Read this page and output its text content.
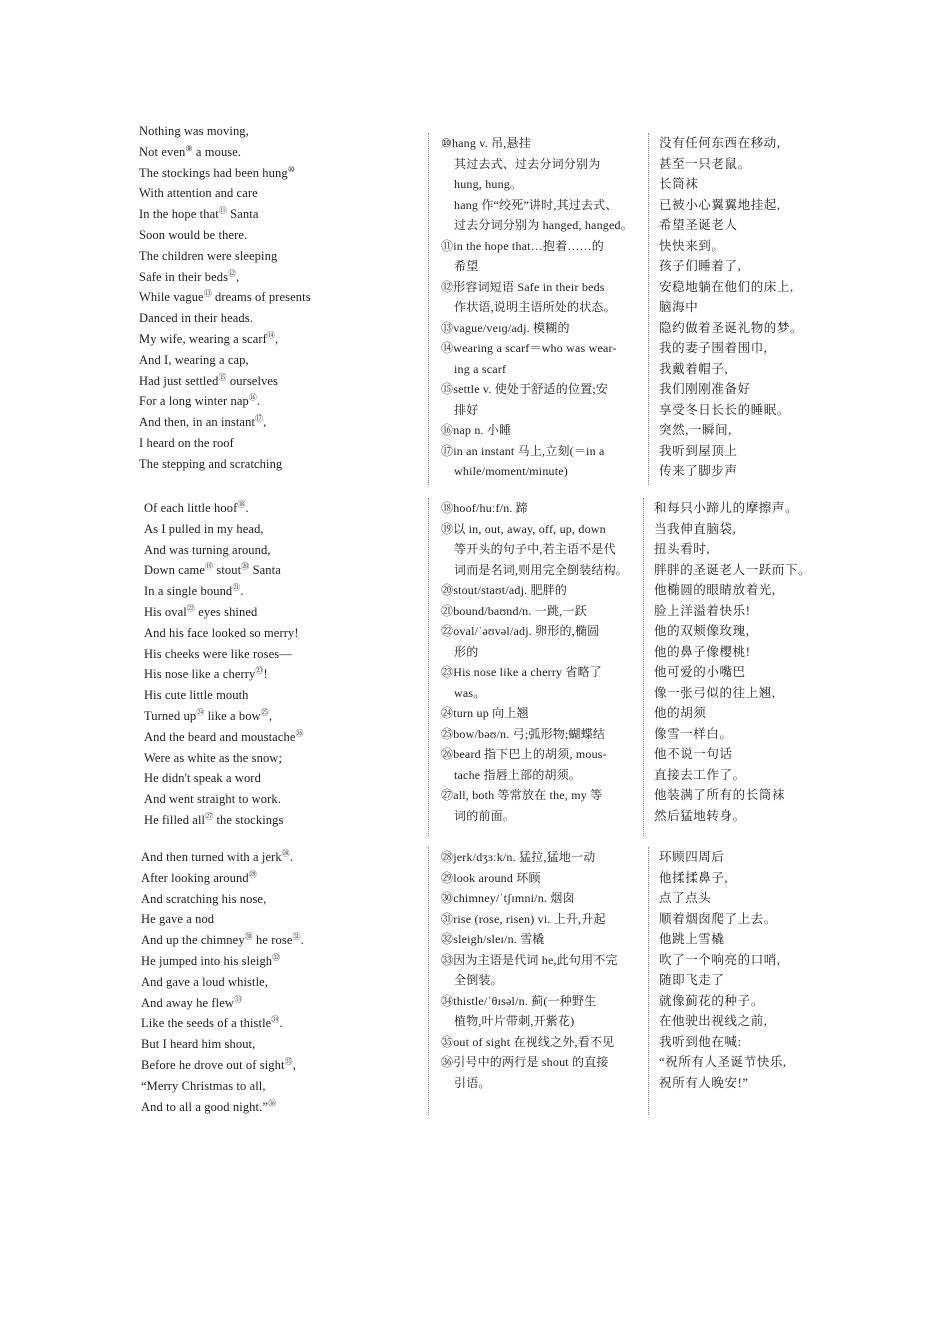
Nothing was moving,
Not even⑨ a mouse.
The stockings had been hung⑩
With attention and care
In the hope that⑪ Santa
Soon would be there.
The children were sleeping
Safe in their beds⑫,
While vague⑬ dreams of presents
Danced in their heads.
My wife, wearing a scarf⑭,
And I, wearing a cap,
Had just settled⑮ ourselves
For a long winter nap⑯.
And then, in an instant⑰,
I heard on the roof
The stepping and scratching
⑩hang v. 吊,悬挂
其过去式、过去分词分别为
hung, hung。
hang 作“绞死”讲时,其过去式、
过去分词分别为 hanged, hanged。
⑪in the hope that…抱着……的
希望
⑫形容词短语 Safe in their beds
作状语,说明主语所处的状态。
⑬vague/veɪɡ/adj. 模糊的
⑭wearing a scarf＝who was wear-
ing a scarf
⑮settle v. 使处于舒适的位置;安
排好
⑯nap n. 小睡
⑰in an instant 马上,立刻(＝in a
while/moment/minute)
没有任何东西在移动,
甚至一只老鼠。
长筒袜
已被小心翼翼地挂起,
希望圣诞老人
快快来到。
孩子们睡着了,
安稳地躺在他们的床上,
脑海中
隐约做着圣诞礼物的梦。
我的妻子围着围巾,
我戴着帽子,
我们刚刚准备好
享受冬日长长的睡眠。
突然,一瞬间,
我听到屋顶上
传来了脚步声
Of each little hoof⑱.
As I pulled in my head,
And was turning around,
Down came⑲ stout⑳ Santa
In a single bound$^㉑$.
His oval$^㉒$ eyes shined
And his face looked so merry!
His cheeks were like roses—
His nose like a cherry$^㉓$!
His cute little mouth
Turned $up^㉔$ like a bow$^㉕$,
And the beard and moustache$^㉖$
Were as white as the snow;
He didn't speak a word
And went straight to work.
He filled all$^㉗$ the stockings
⑱hoof/huːf/n. 蹄
⑲以 in, out, away, off, up, down
等开头的句子中,若主语不是代
词而是名词,则用完全倒装结构。
⑳stout/staʊt/adj. 肥胖的
㉑bound/baʊnd/n. 一跳,一跃
㉒oval/ˈəʊvəl/adj. 卵形的,椭圆
形的
㉓His nose like a cherry 省略了
was。
㉔turn up 向上翘
㉕bow/bəʊ/n. 弓;弧形物;蝴蝶结
㉖beard 指下巴上的胡须, mous-
tache 指唇上部的胡须。
㉗all, both 等常放在 the, my 等
词的前面。
和每只小蹄儿的摩擦声。
当我伸直脑袋,
扭头看时,
胖胖的圣诞老人一跃而下。
他椭圆的眼睛放着光,
脸上洋溢着快乐!
他的双颊像玫瑰,
他的鼻子像樱桃!
他可爱的小嘴巴
像一张弓似的往上翘,
他的胡须
像雪一样白。
他不说一句话
直接去工作了。
他装满了所有的长筒袜
然后猛地转身。
And then turned with a jerk$^㉘$.
After looking around$^㉙$
And scratching his nose,
He gave a nod
And up the chimney$^㉚$ he rose$^㉛$.
He jumped into his sleigh$^㉜$
And gave a loud whistle,
And away he flew$^㉝$
Like the seeds of a thistle$^㉞$.
But I heard him shout,
Before he drove out of sight$^㉟$,
“Merry Christmas to all,
And to all a good night.”$^㊱$
㉘jerk/dʒɜːk/n. 猛拉,猛地一动
㉙look around 环顾
㉚chimney/ˈtʃɪmni/n. 烟囱
㉛rise (rose, risen) vi. 上升,升起
㉜sleigh/sleɪ/n. 雪橇
㉝因为主语是代词 he,此句用不完
全倒装。
㉞thistle/ˈθɪsəl/n. 蓟(一种野生
植物,叶片带刺,开紫花)
㉟out of sight 在视线之外,看不见
㊱引号中的两行是 shout 的直接
引语。
环顾四周后
他揉揉鼻子,
点了点头
顺着烟囱爬了上去。
他跳上雪橇
吹了一个响亮的口哨,
随即飞走了
就像蓟花的种子。
在他驶出视线之前,
我听到他在喊:
“祝所有人圣诞节快乐,
祝所有人晚安!”
